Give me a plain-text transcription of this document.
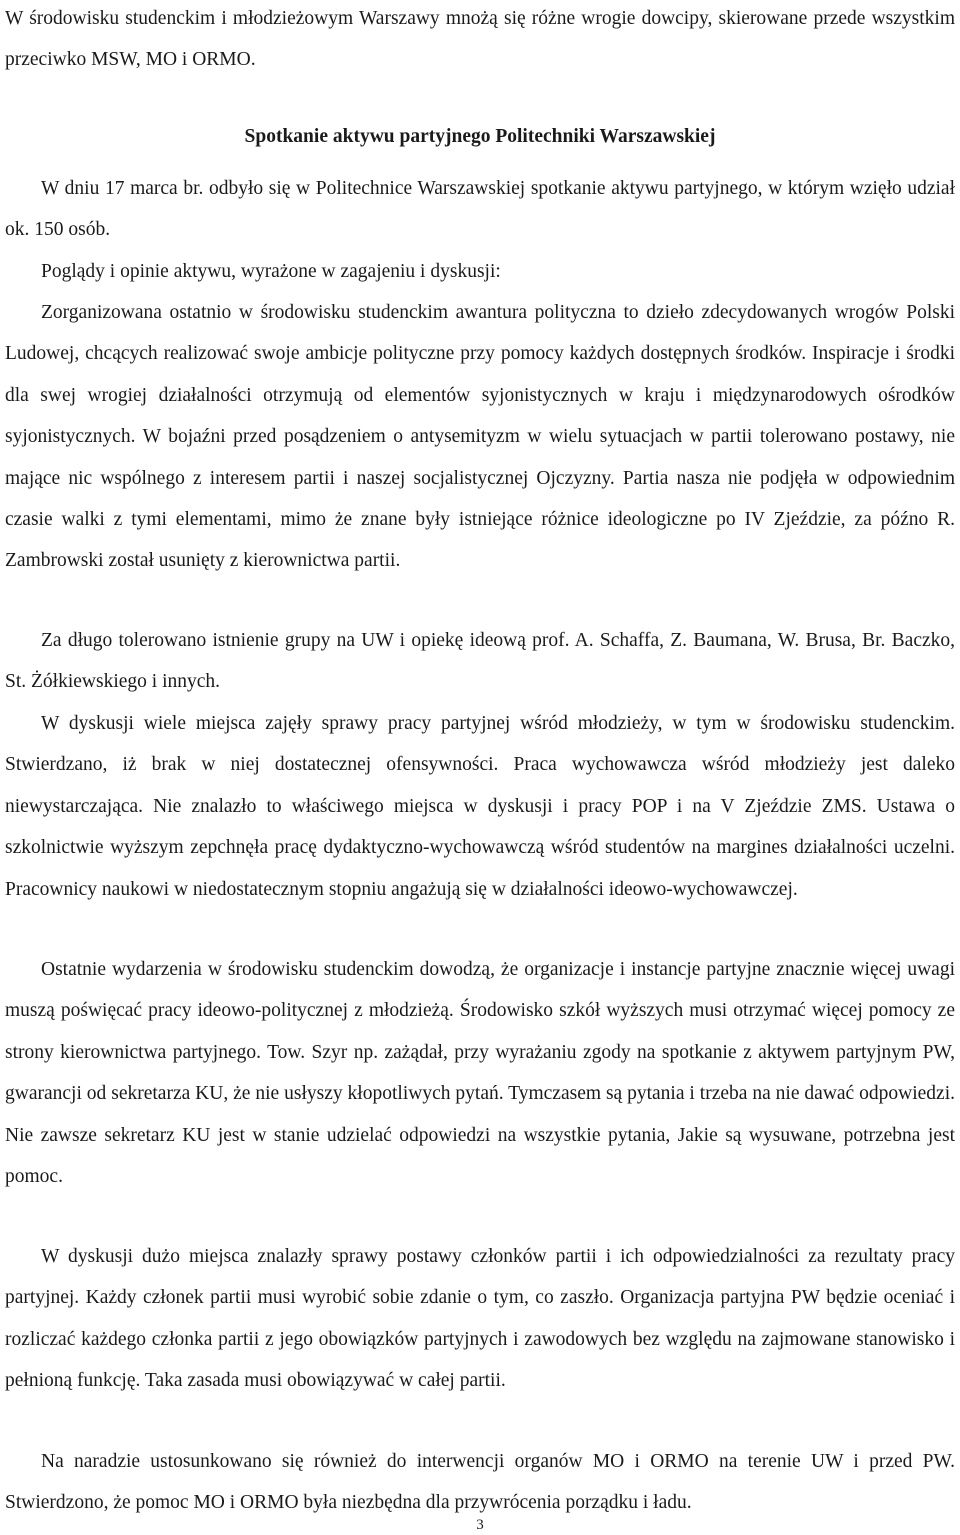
W środowisku studenckim i młodzieżowym Warszawy mnożą się różne wrogie dowcipy, skierowane przede wszystkim przeciwko MSW, MO i ORMO.

Spotkanie aktywu partyjnego Politechniki Warszawskiej

W dniu 17 marca br. odbyło się w Politechnice Warszawskiej spotkanie aktywu partyjnego, w którym wzięło udział ok. 150 osób.

Poglądy i opinie aktywu, wyrażone w zagajeniu i dyskusji:

Zorganizowana ostatnio w środowisku studenckim awantura polityczna to dzieło zdecydowanych wrogów Polski Ludowej, chcących realizować swoje ambicje polityczne przy pomocy każdych dostępnych środków. Inspiracje i środki dla swej wrogiej działalności otrzymują od elementów syjonistycznych w kraju i międzynarodowych ośrodków syjonistycznych. W bojaźni przed posądzeniem o antysemityzm w wielu sytuacjach w partii tolerowano postawy, nie mające nic wspólnego z interesem partii i naszej socjalistycznej Ojczyzny. Partia nasza nie podjęła w odpowiednim czasie walki z tymi elementami, mimo że znane były istniejące różnice ideologiczne po IV Zjeździe, za późno R. Zambrowski został usunięty z kierownictwa partii.

Za długo tolerowano istnienie grupy na UW i opiekę ideową prof. A. Schaffa, Z. Baumana, W. Brusa, Br. Baczko, St. Żółkiewskiego i innych.

W dyskusji wiele miejsca zajęły sprawy pracy partyjnej wśród młodzieży, w tym w środowisku studenckim. Stwierdzano, iż brak w niej dostatecznej ofensywności. Praca wychowawcza wśród młodzieży jest daleko niewystarczająca. Nie znalazło to właściwego miejsca w dyskusji i pracy POP i na V Zjeździe ZMS. Ustawa o szkolnictwie wyższym zepchnęła pracę dydaktyczno-wychowawczą wśród studentów na margines działalności uczelni. Pracownicy naukowi w niedostatecznym stopniu angażują się w działalności ideowo-wychowawczej.

Ostatnie wydarzenia w środowisku studenckim dowodzą, że organizacje i instancje partyjne znacznie więcej uwagi muszą poświęcać pracy ideowo-politycznej z młodzieżą. Środowisko szkół wyższych musi otrzymać więcej pomocy ze strony kierownictwa partyjnego. Tow. Szyr np. zażądał, przy wyrażaniu zgody na spotkanie z aktywem partyjnym PW, gwarancji od sekretarza KU, że nie usłyszy kłopotliwych pytań. Tymczasem są pytania i trzeba na nie dawać odpowiedzi. Nie zawsze sekretarz KU jest w stanie udzielać odpowiedzi na wszystkie pytania, Jakie są wysuwane, potrzebna jest pomoc.

W dyskusji dużo miejsca znalazły sprawy postawy członków partii i ich odpowiedzialności za rezultaty pracy partyjnej. Każdy członek partii musi wyrobić sobie zdanie o tym, co zaszło. Organizacja partyjna PW będzie oceniać i rozliczać każdego członka partii z jego obowiązków partyjnych i zawodowych bez względu na zajmowane stanowisko i pełnioną funkcję. Taka zasada musi obowiązywać w całej partii.

Na naradzie ustosunkowano się również do interwencji organów MO i ORMO na terenie UW i przed PW. Stwierdzono, że pomoc MO i ORMO była niezbędna dla przywrócenia porządku i ładu.

3
